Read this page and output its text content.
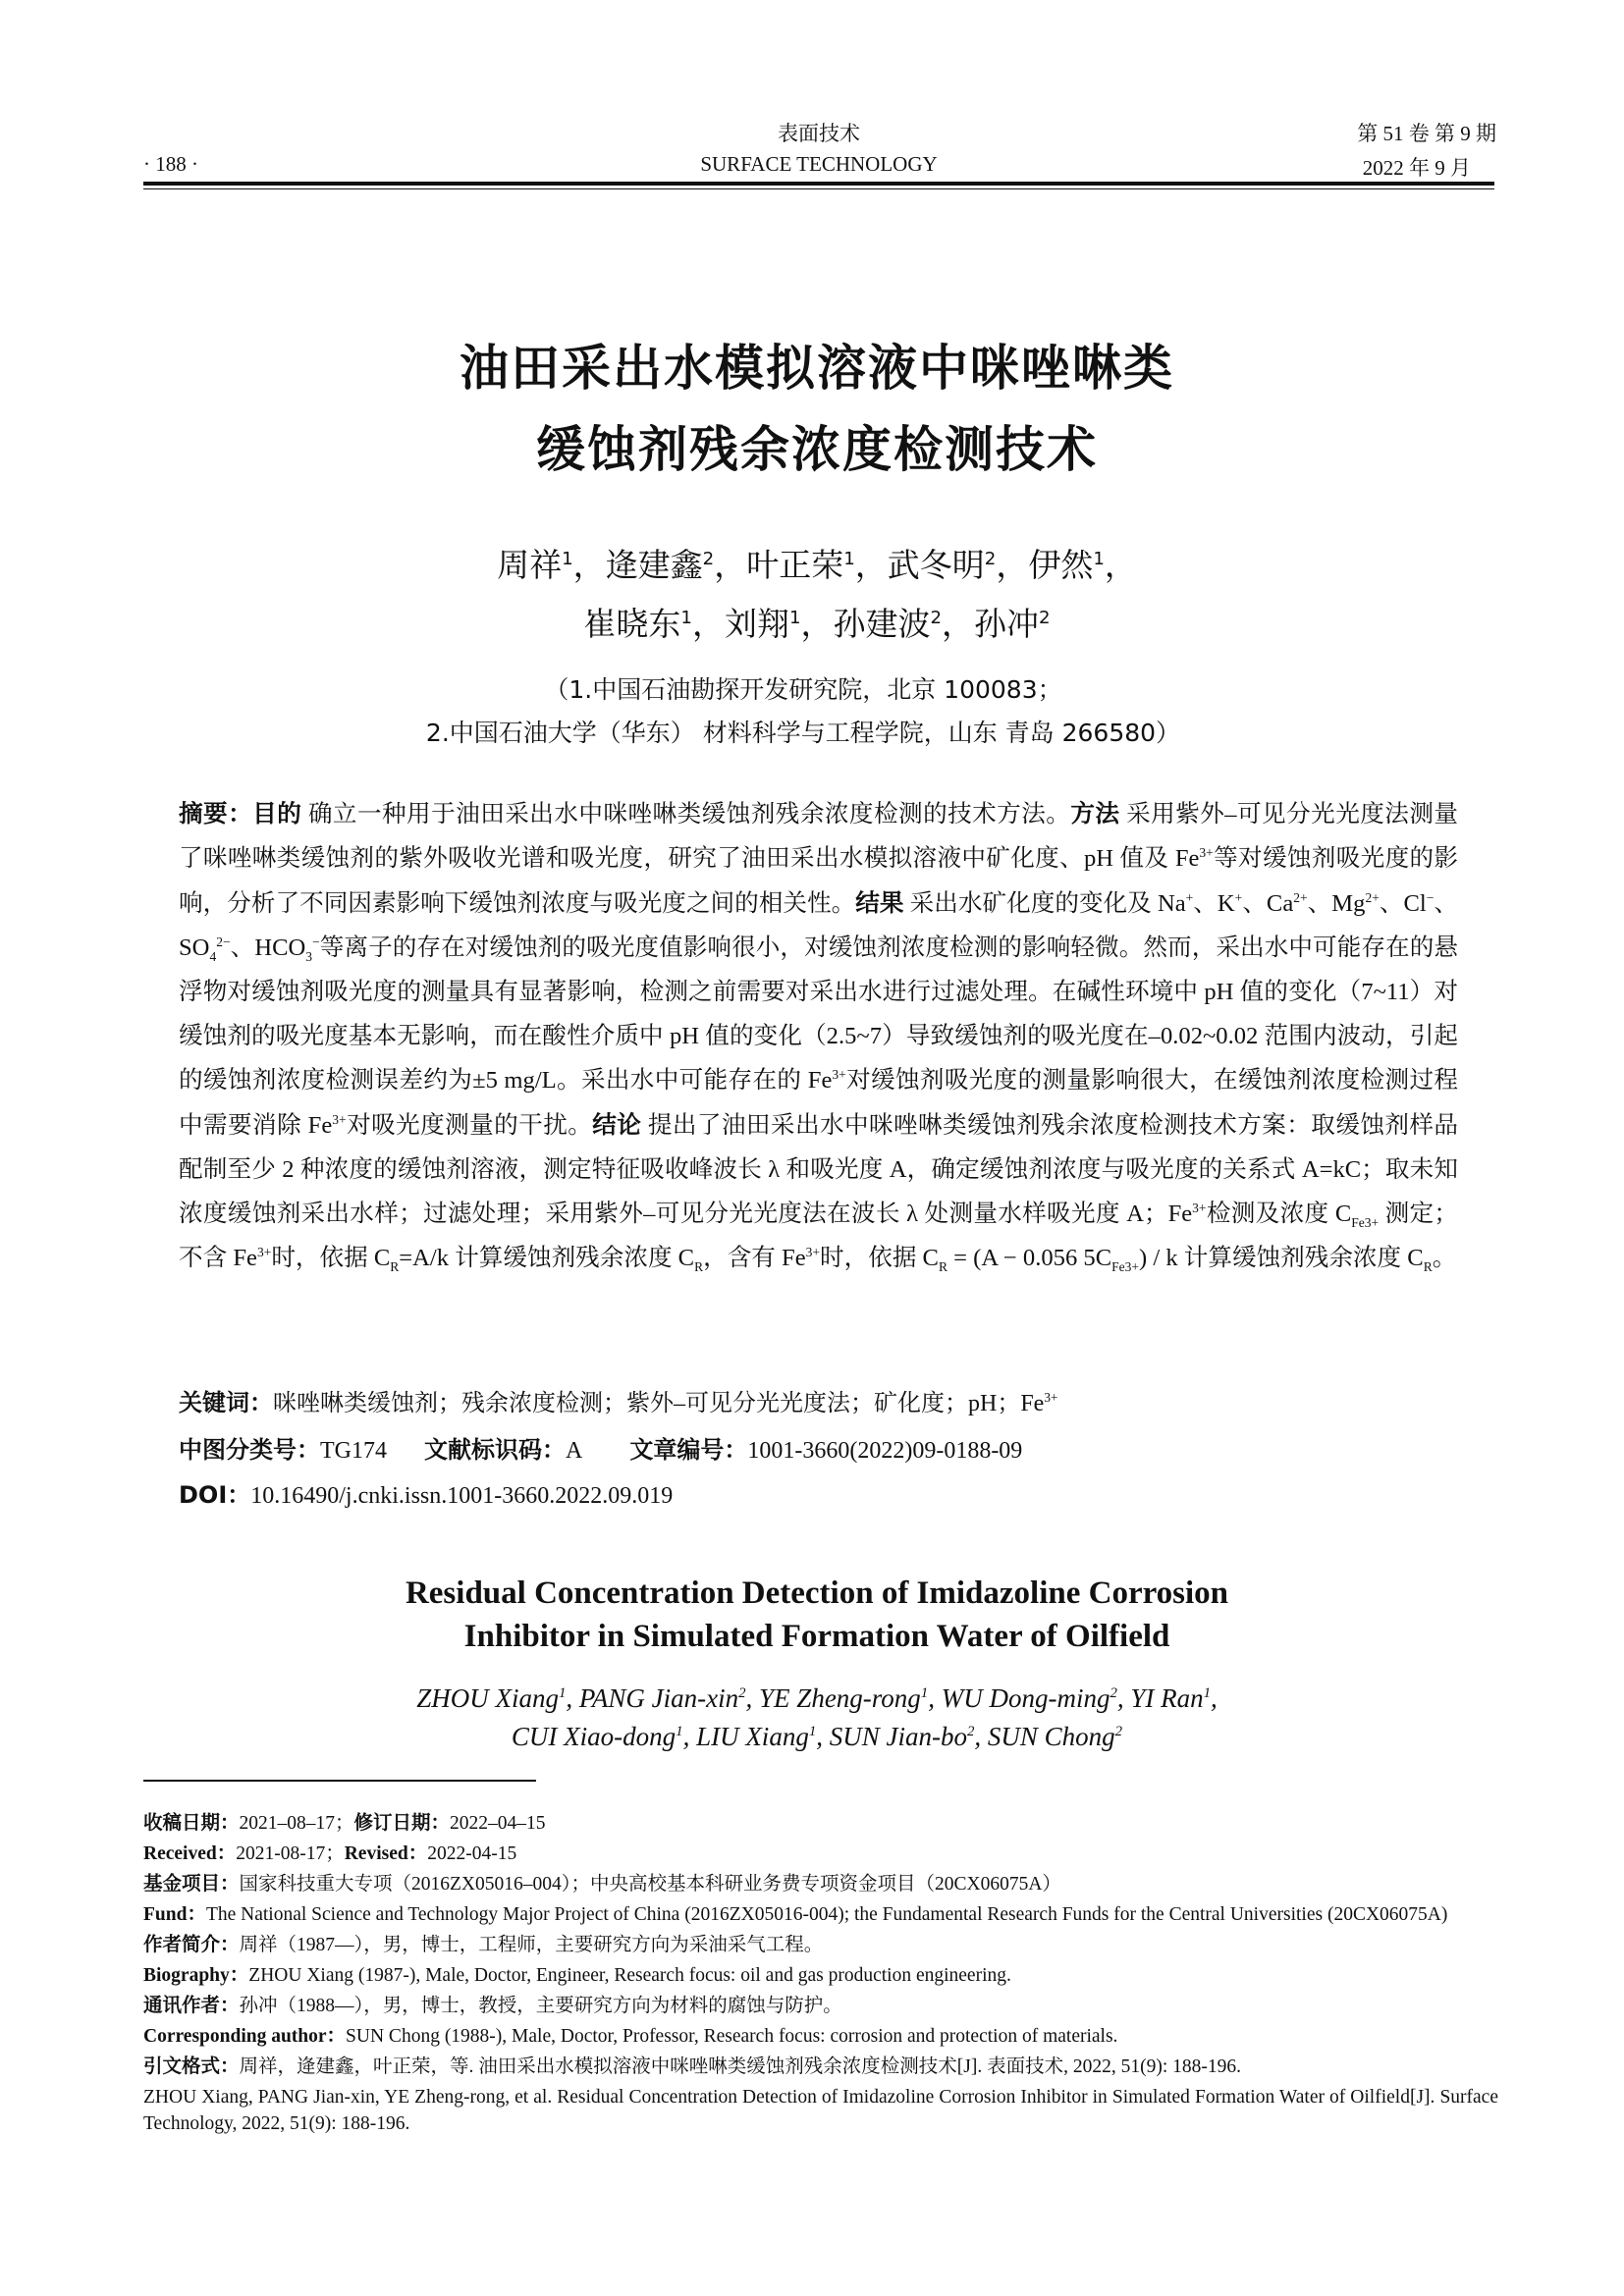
表面技术
· 188 ·	SURFACE TECHNOLOGY
第 51 卷 第 9 期
2022 年 9 月
油田采出水模拟溶液中咪唑啉类
缓蚀剂残余浓度检测技术
周祥$^1$，逄建鑫$^2$，叶正荣$^1$，武冬明$^2$，伊然$^1$，
崔晓东$^1$，刘翔$^1$，孙建波$^2$，孙冲$^2$
（1.中国石油勘探开发研究院，北京 100083；
2.中国石油大学（华东） 材料科学与工程学院，山东 青岛 266580）

摘要：目的 确立一种用于油田采出水中咪唑啉类缓蚀剂残余浓度检测的技术方法。方法 采用紫外–可见分光光度法测量了咪唑啉类缓蚀剂的紫外吸收光谱和吸光度，研究了油田采出水模拟溶液中矿化度、pH 值及 $Fe^{3+}$等对缓蚀剂吸光度的影响，分析了不同因素影响下缓蚀剂浓度与吸光度之间的相关性。结果 采出水矿化度的变化及 Na+、K+、$Ca^{2+}$、$Mg^{2+}$、Cl−、$SO_4^{2-}$、$HCO_3^-$等离子的存在对缓蚀剂的吸光度值影响很小，对缓蚀剂浓度检测的影响轻微。然而，采出水中可能存在的悬浮物对缓蚀剂吸光度的测量具有显著影响，检测之前需要对采出水进行过滤处理。在碱性环境中 pH 值的变化（7~11）对缓蚀剂的吸光度基本无影响，而在酸性介质中 pH 值的变化（2.5~7）导致缓蚀剂的吸光度在–0.02~0.02 范围内波动，引起的缓蚀剂浓度检测误差约为±5 mg/L。采出水中可能存在的 $Fe^{3+}$对缓蚀剂吸光度的测量影响很大，在缓蚀剂浓度检测过程中需要消除 $Fe^{3+}$对吸光度测量的干扰。结论 提出了油田采出水中咪唑啉类缓蚀剂残余浓度检测技术方案：取缓蚀剂样品配制至少 2 种浓度的缓蚀剂溶液，测定特征吸收峰波长 λ 和吸光度 A，确定缓蚀剂浓度与吸光度的关系式 A=kC；取未知浓度缓蚀剂采出水样；过滤处理；采用紫外–可见分光光度法在波长 λ 处测量水样吸光度 A；$Fe^{3+}$检测及浓度 $C_{Fe3+}$ 测定；不含 $Fe^{3+}$时，依据 $C_R=A/k$ 计算缓蚀剂残余浓度 $C_R$，含有 $Fe^{3+}$时，依据 $C_R = (A - 0.056$ $5C_{Fe3+}$) / k 计算缓蚀剂残余浓度 $C_R$。

关键词：咪唑啉类缓蚀剂；残余浓度检测；紫外–可见分光光度法；矿化度；pH；$Fe^{3+}$
中图分类号：TG174 文献标识码：A 文章编号：1001-3660(2022)09-0188-09
DOI：10.16490/j.cnki.issn.1001-3660.2022.09.019
Residual Concentration Detection of Imidazoline Corrosion
Inhibitor in Simulated Formation Water of Oilfield
ZHOU Xiang$^1$, PANG Jian-xin$^2$, YE Zheng-rong$^1$, WU Dong-ming$^2$, YI Ran$^1$,
CUI Xiao-dong$^1$, LIU Xiang$^1$, SUN Jian-$bo^2$, SUN Chong$^2$

收稿日期：2021–08–17；修订日期：2022–04–15

Received：2021-08-17；Revised：2022-04-15

基金项目：国家科技重大专项（2016ZX05016–004）；中央高校基本科研业务费专项资金项目（20CX06075A）

Fund：The National Science and Technology Major Project of China (2016ZX05016-004); the Fundamental Research Funds for the Central Universities (20CX06075A)

作者简介：周祥（1987—），男，博士，工程师，主要研究方向为采油采气工程。

Biography：ZHOU Xiang (1987-), Male, Doctor, Engineer, Research focus: oil and gas production engineering.

通讯作者：孙冲（1988—），男，博士，教授，主要研究方向为材料的腐蚀与防护。

Corresponding author：SUN Chong (1988-), Male, Doctor, Professor, Research focus: corrosion and protection of materials.

引文格式：周祥，逄建鑫，叶正荣，等. 油田采出水模拟溶液中咪唑啉类缓蚀剂残余浓度检测技术[J]. 表面技术, 2022, 51(9): 188-196.

ZHOU Xiang, PANG Jian-xin, YE Zheng-rong, et al. Residual Concentration Detection of Imidazoline Corrosion Inhibitor in Simulated Formation Water of Oilfield[J]. Surface Technology, 2022, 51(9): 188-196.
